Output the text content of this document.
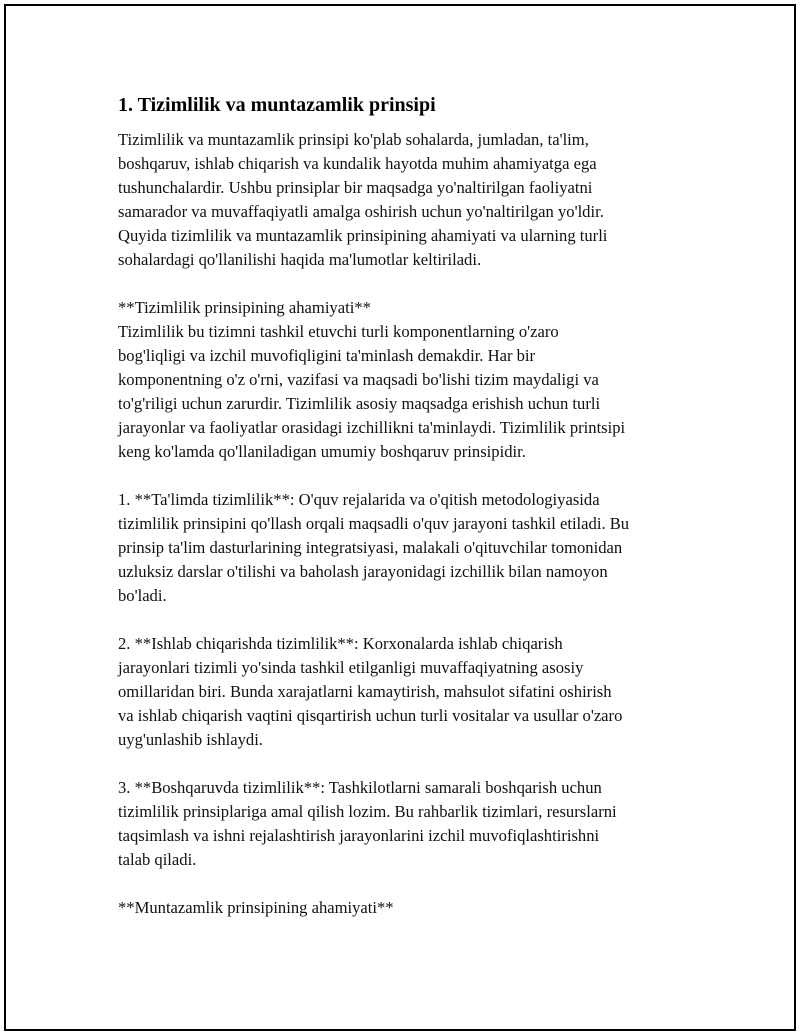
1. Tizimlilik va muntazamlik prinsipi
Tizimlilik va muntazamlik prinsipi ko'plab sohalarda, jumladan, ta'lim,
boshqaruv, ishlab chiqarish va kundalik hayotda muhim ahamiyatga ega
tushunchalardir. Ushbu prinsiplar bir maqsadga yo'naltirilgan faoliyatni
samarador va muvaffaqiyatli amalga oshirish uchun yo'naltirilgan yo'ldir.
Quyida tizimlilik va muntazamlik prinsipining ahamiyati va ularning turli
sohalardagi qo'llanilishi haqida ma'lumotlar keltiriladi.
**Tizimlilik prinsipining ahamiyati**
Tizimlilik bu tizimni tashkil etuvchi turli komponentlarning o'zaro
bog'liqligi va izchil muvofiqligini ta'minlash demakdir. Har bir
komponentning o'z o'rni, vazifasi va maqsadi bo'lishi tizim maydaligi va
to'g'riligi uchun zarurdir. Tizimlilik asosiy maqsadga erishish uchun turli
jarayonlar va faoliyatlar orasidagi izchillikni ta'minlaydi. Tizimlilik printsipi
keng ko'lamda qo'llaniladigan umumiy boshqaruv prinsipidir.
1. **Ta'limda tizimlilik**: O'quv rejalarida va o'qitish metodologiyasida
tizimlilik prinsipini qo'llash orqali maqsadli o'quv jarayoni tashkil etiladi. Bu
prinsip ta'lim dasturlarining integratsiyasi, malakali o'qituvchilar tomonidan
uzluksiz darslar o'tilishi va baholash jarayonidagi izchillik bilan namoyon
bo'ladi.
2. **Ishlab chiqarishda tizimlilik**: Korxonalarda ishlab chiqarish
jarayonlari tizimli yo'sinda tashkil etilganligi muvaffaqiyatning asosiy
omillaridan biri. Bunda xarajatlarni kamaytirish, mahsulot sifatini oshirish
va ishlab chiqarish vaqtini qisqartirish uchun turli vositalar va usullar o'zaro
uyg'unlashib ishlaydi.
3. **Boshqaruvda tizimlilik**: Tashkilotlarni samarali boshqarish uchun
tizimlilik prinsiplariga amal qilish lozim. Bu rahbarlik tizimlari, resurslarni
taqsimlash va ishni rejalashtirish jarayonlarini izchil muvofiqlashtirishni
talab qiladi.
**Muntazamlik prinsipining ahamiyati**
